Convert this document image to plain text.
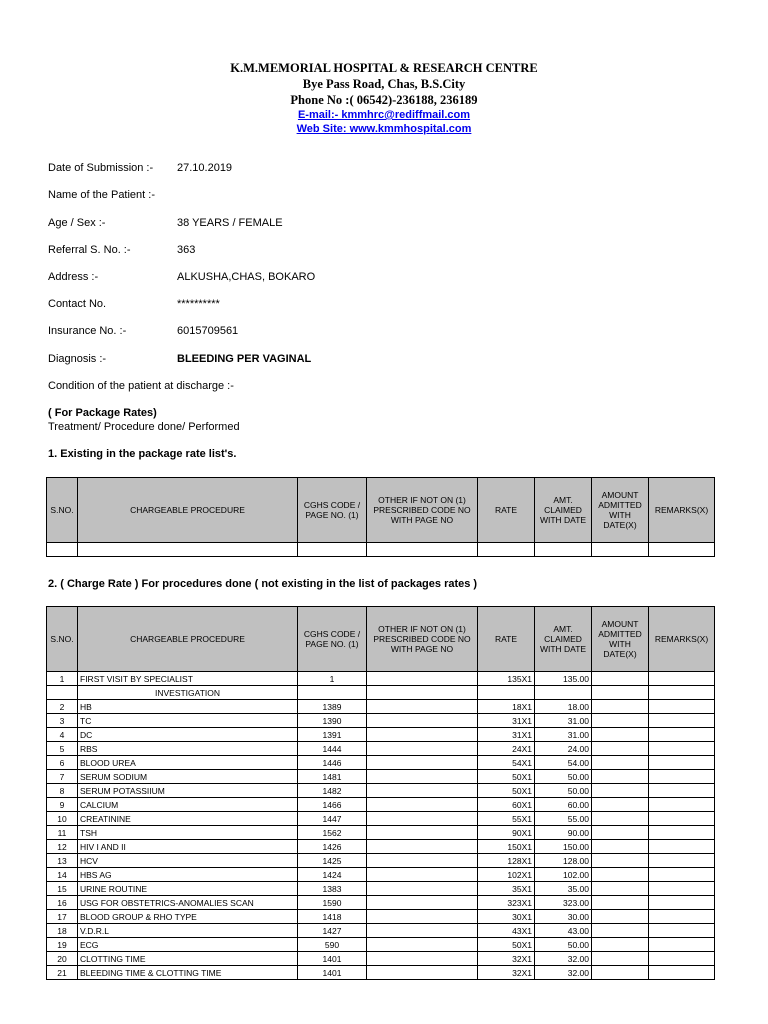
K.M.MEMORIAL HOSPITAL & RESEARCH CENTRE
Bye Pass Road, Chas, B.S.City
Phone No :( 06542)-236188, 236189
E-mail:- kmmhrc@rediffmail.com
Web Site: www.kmmhospital.com
Date of Submission :- 27.10.2019
Name of the Patient :-
Age / Sex :-	38 YEARS / FEMALE
Referral S. No. :-	363
Address :-	ALKUSHA,CHAS, BOKARO
Contact No.	**********
Insurance No. :-	6015709561
Diagnosis :-	BLEEDING PER VAGINAL
Condition of the patient at discharge :-
( For Package Rates)
Treatment/ Procedure done/ Performed
1. Existing in the package rate list's.
S.NO.	CHARGEABLE PROCEDURE	CGHS CODE / PAGE NO. (1)	OTHER IF NOT ON (1) PRESCRIBED CODE NO WITH PAGE NO	RATE	AMT. CLAIMED WITH DATE	AMOUNT ADMITTED WITH DATE(X)	REMARKS(X)

2. ( Charge Rate ) For procedures done ( not existing in the list of packages rates )
S.NO.	CHARGEABLE PROCEDURE	CGHS CODE / PAGE NO. (1)	OTHER IF NOT ON (1) PRESCRIBED CODE NO WITH PAGE NO	RATE	AMT. CLAIMED WITH DATE	AMOUNT ADMITTED WITH DATE(X)	REMARKS(X)
1	FIRST VISIT BY SPECIALIST	1		135X1	135.00		
	INVESTIGATION						
2	HB	1389		18X1	18.00		
3	TC	1390		31X1	31.00		
4	DC	1391		31X1	31.00		
5	RBS	1444		24X1	24.00		
6	BLOOD UREA	1446		54X1	54.00		
7	SERUM SODIUM	1481		50X1	50.00		
8	SERUM POTASSIIUM	1482		50X1	50.00		
9	CALCIUM	1466		60X1	60.00		
10	CREATININE	1447		55X1	55.00		
11	TSH	1562		90X1	90.00		
12	HIV I AND II	1426		150X1	150.00		
13	HCV	1425		128X1	128.00		
14	HBS AG	1424		102X1	102.00		
15	URINE ROUTINE	1383		35X1	35.00		
16	USG FOR OBSTETRICS-ANOMALIES SCAN	1590		323X1	323.00		
17	BLOOD GROUP & RHO TYPE	1418		30X1	30.00		
18	V.D.R.L	1427		43X1	43.00		
19	ECG	590		50X1	50.00		
20	CLOTTING TIME	1401		32X1	32.00		
21	BLEEDING TIME & CLOTTING TIME	1401		32X1	32.00		
